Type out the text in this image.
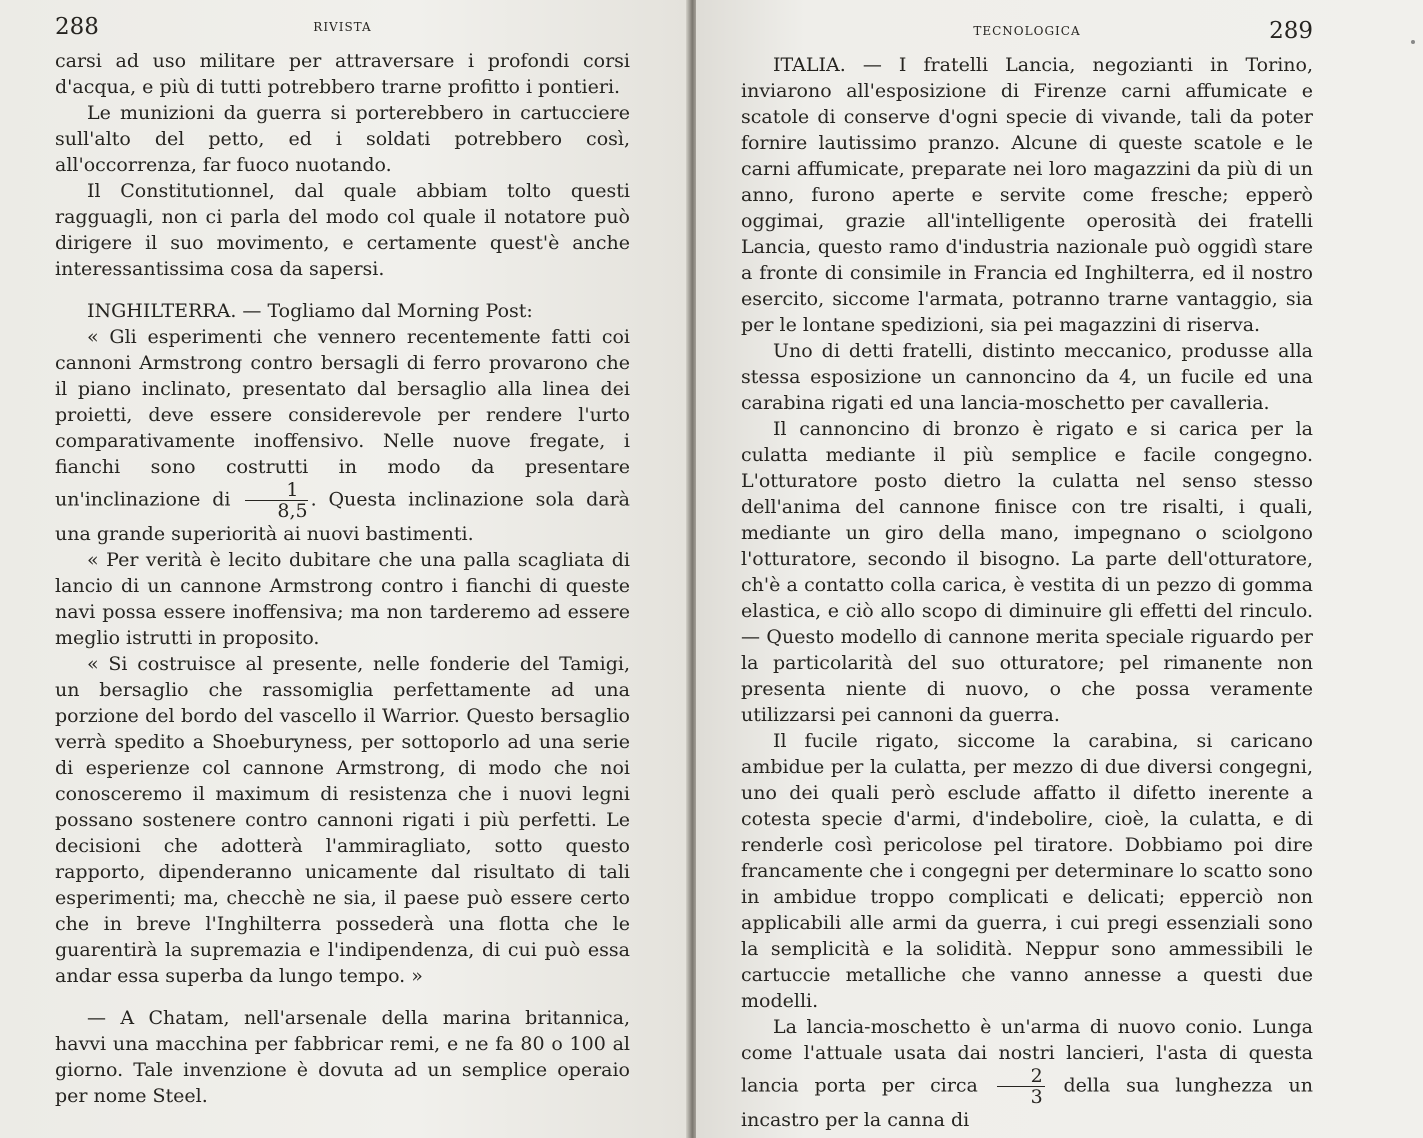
288	RIVISTA

carsi ad uso militare per attraversare i profondi corsi d'acqua, e più di tutti potrebbero trarne profitto i pontieri.

Le munizioni da guerra si porterebbero in cartucciere sull'alto del petto, ed i soldati potrebbero così, all'occorrenza, far fuoco nuotando.

Il Constitutionnel, dal quale abbiam tolto questi ragguagli, non ci parla del modo col quale il notatore può dirigere il suo movimento, e certamente quest'è anche interessantissima cosa da sapersi.

INGHILTERRA. — Togliamo dal Morning Post:

« Gli esperimenti che vennero recentemente fatti coi cannoni Armstrong contro bersagli di ferro provarono che il piano inclinato, presentato dal bersaglio alla linea dei proietti, deve essere considerevole per rendere l'urto comparativamente inoffensivo. Nelle nuove fregate, i fianchi sono costrutti in modo da presentare un'inclinazione di $\frac{1}{8,5}$ . Questa inclinazione sola darà una grande superiorità ai nuovi bastimenti.

« Per verità è lecito dubitare che una palla scagliata di lancio di un cannone Armstrong contro i fianchi di queste navi possa essere inoffensiva; ma non tarderemo ad essere meglio istrutti in proposito.

« Si costruisce al presente, nelle fonderie del Tamigi, un bersaglio che rassomiglia perfettamente ad una porzione del bordo del vascello il Warrior. Questo bersaglio verrà spedito a Shoeburyness, per sottoporlo ad una serie di esperienze col cannone Armstrong, di modo che noi conosceremo il maximum di resistenza che i nuovi legni possano sostenere contro cannoni rigati i più perfetti. Le decisioni che adotterà l'ammiragliato, sotto questo rapporto, dipenderanno unicamente dal risultato di tali esperimenti; ma, checchè ne sia, il paese può essere certo che in breve l'Inghilterra possederà una flotta che le guarentirà la supremazia e l'indipendenza, di cui può essa andar essa superba da lungo tempo. »

— A Chatam, nell'arsenale della marina britannica, havvi una macchina per fabbricar remi, e ne fa 80 o 100 al giorno. Tale invenzione è dovuta ad un semplice operaio per nome Steel.

TECNOLOGICA	289

ITALIA. — I fratelli Lancia, negozianti in Torino, inviarono all'esposizione di Firenze carni affumicate e scatole di conserve d'ogni specie di vivande, tali da poter fornire lautissimo pranzo. Alcune di queste scatole e le carni affumicate, preparate nei loro magazzini da più di un anno, furono aperte e servite come fresche; epperò oggimai, grazie all'intelligente operosità dei fratelli Lancia, questo ramo d'industria nazionale può oggidì stare a fronte di consimile in Francia ed Inghilterra, ed il nostro esercito, siccome l'armata, potranno trarne vantaggio, sia per le lontane spedizioni, sia pei magazzini di riserva.

Uno di detti fratelli, distinto meccanico, produsse alla stessa esposizione un cannoncino da 4, un fucile ed una carabina rigati ed una lancia-moschetto per cavalleria.

Il cannoncino di bronzo è rigato e si carica per la culatta mediante il più semplice e facile congegno. L'otturatore posto dietro la culatta nel senso stesso dell'anima del cannone finisce con tre risalti, i quali, mediante un giro della mano, impegnano o sciolgono l'otturatore, secondo il bisogno. La parte dell'otturatore, ch'è a contatto colla carica, è vestita di un pezzo di gomma elastica, e ciò allo scopo di diminuire gli effetti del rinculo. — Questo modello di cannone merita speciale riguardo per la particolarità del suo otturatore; pel rimanente non presenta niente di nuovo, o che possa veramente utilizzarsi pei cannoni da guerra.

Il fucile rigato, siccome la carabina, si caricano ambidue per la culatta, per mezzo di due diversi congegni, uno dei quali però esclude affatto il difetto inerente a cotesta specie d'armi, d'indebolire, cioè, la culatta, e di renderle così pericolose pel tiratore. Dobbiamo poi dire francamente che i congegni per determinare lo scatto sono in ambidue troppo complicati e delicati; epperciò non applicabili alle armi da guerra, i cui pregi essenziali sono la semplicità e la solidità. Neppur sono ammessibili le cartuccie metalliche che vanno annesse a questi due modelli.

La lancia-moschetto è un'arma di nuovo conio. Lunga come l'attuale usata dai nostri lancieri, l'asta di questa lancia porta per circa $\frac{2}{3}$ della sua lunghezza un incastro per la canna di
